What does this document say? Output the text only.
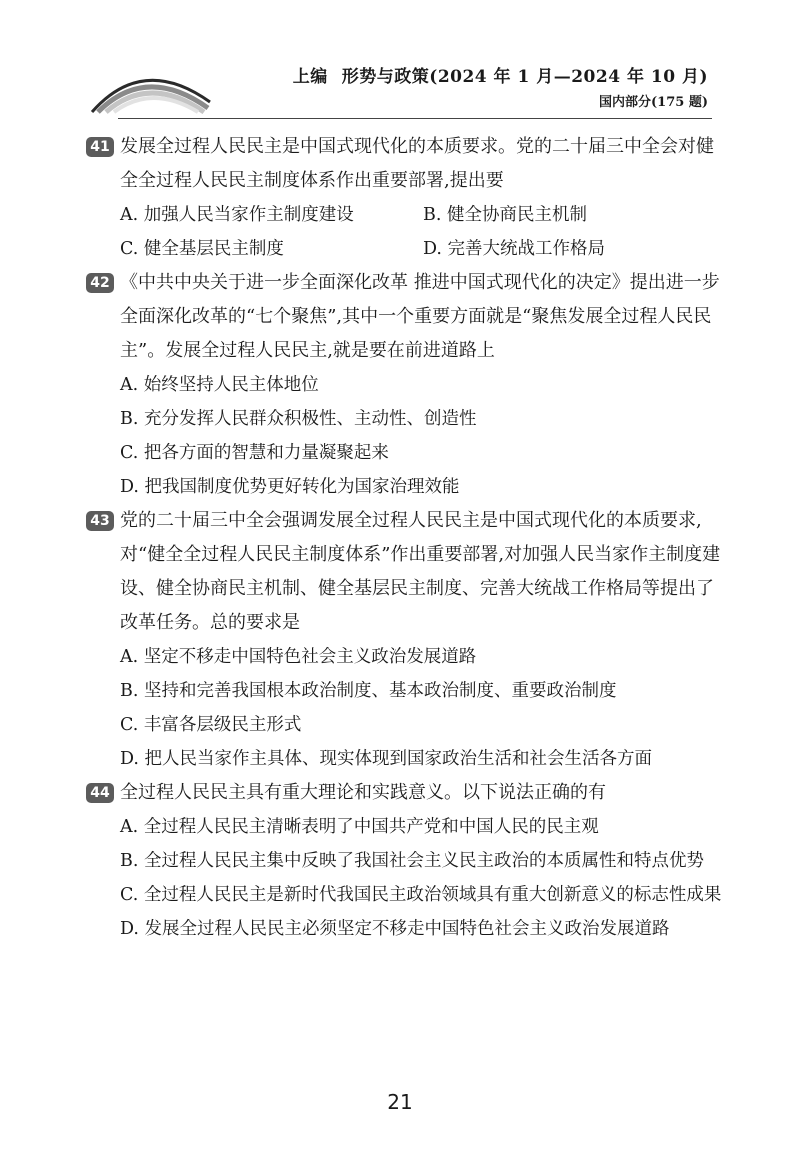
上编 形势与政策(2024 年 1 月—2024 年 10 月)
国内部分(175 题)
41 发展全过程人民民主是中国式现代化的本质要求。党的二十届三中全会对健全全过程人民民主制度体系作出重要部署,提出要
A. 加强人民当家作主制度建设	B. 健全协商民主机制
C. 健全基层民主制度	D. 完善大统战工作格局
42 《中共中央关于进一步全面深化改革 推进中国式现代化的决定》提出进一步全面深化改革的“七个聚焦”,其中一个重要方面就是“聚焦发展全过程人民民主”。发展全过程人民民主,就是要在前进道路上
A. 始终坚持人民主体地位
B. 充分发挥人民群众积极性、主动性、创造性
C. 把各方面的智慧和力量凝聚起来
D. 把我国制度优势更好转化为国家治理效能
43 党的二十届三中全会强调发展全过程人民民主是中国式现代化的本质要求,对“健全全过程人民民主制度体系”作出重要部署,对加强人民当家作主制度建设、健全协商民主机制、健全基层民主制度、完善大统战工作格局等提出了改革任务。总的要求是
A. 坚定不移走中国特色社会主义政治发展道路
B. 坚持和完善我国根本政治制度、基本政治制度、重要政治制度
C. 丰富各层级民主形式
D. 把人民当家作主具体、现实体现到国家政治生活和社会生活各方面
44 全过程人民民主具有重大理论和实践意义。以下说法正确的有
A. 全过程人民民主清晰表明了中国共产党和中国人民的民主观
B. 全过程人民民主集中反映了我国社会主义民主政治的本质属性和特点优势
C. 全过程人民民主是新时代我国民主政治领域具有重大创新意义的标志性成果
D. 发展全过程人民民主必须坚定不移走中国特色社会主义政治发展道路
21
